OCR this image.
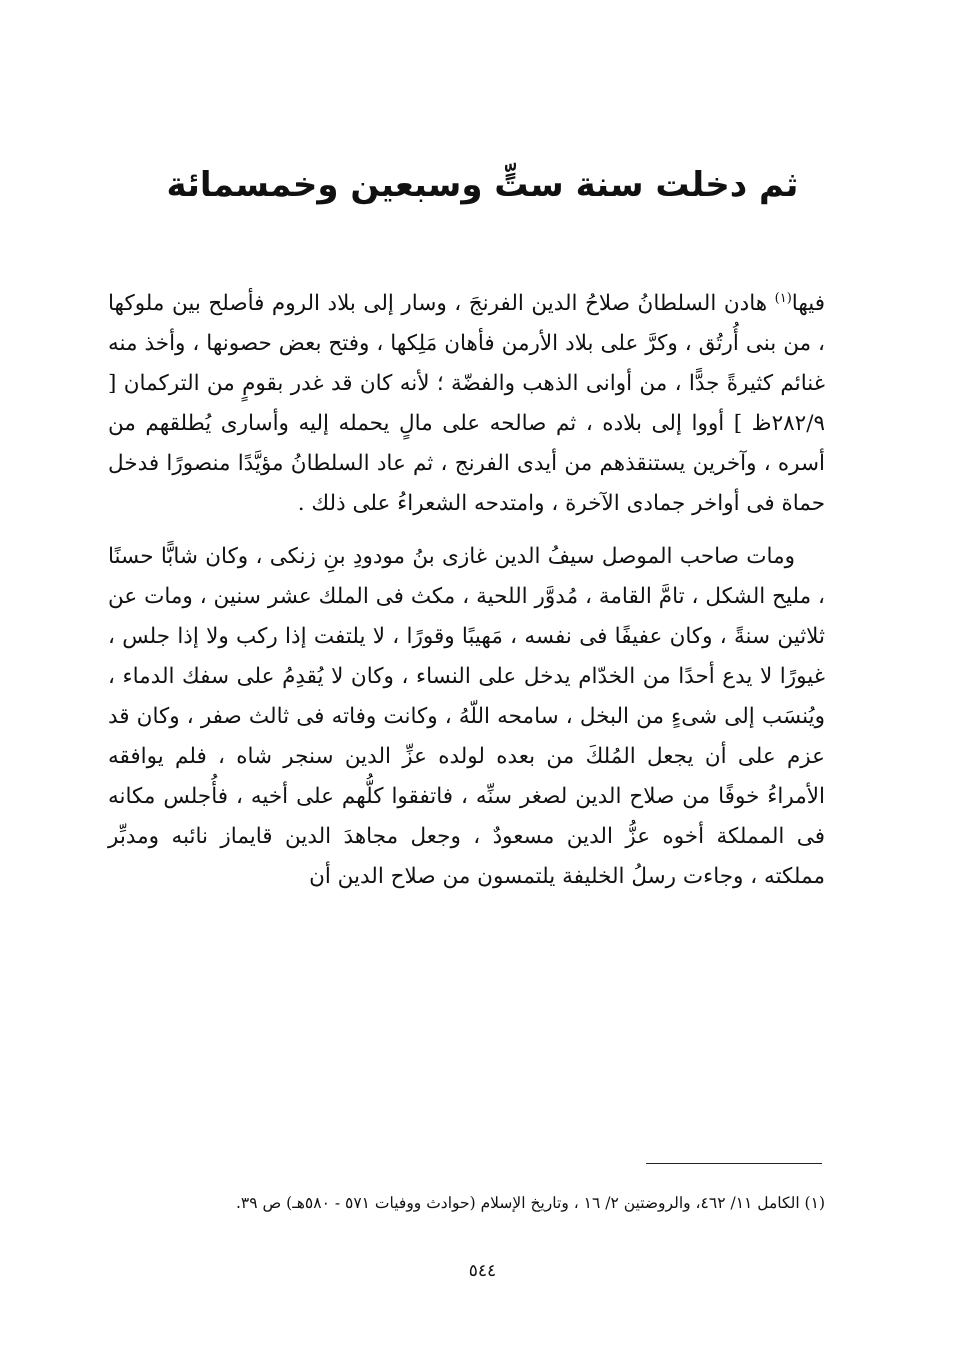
ثم دخلت سنة ستٍّ وسبعين وخمسمائة

فيها$^{(١)}$ هادن السلطانُ صلاحُ الدين الفرنجَ ، وسار إلى بلاد الروم فأصلح بين ملوكها ، من بنى أُرتُق ، وكرَّ على بلاد الأرمن فأهان مَلِكها ، وفتح بعض حصونها ، وأخذ منه غنائم كثيرةً جدًّا ، من أوانى الذهب والفضّة ؛ لأنه كان قد غدر بقومٍ من التركمان [ ٢٨٢/٩ظ ] أووا إلى بلاده ، ثم صالحه على مالٍ يحمله إليه وأسارى يُطلقهم من أسره ، وآخرين يستنقذهم من أيدى الفرنج ، ثم عاد السلطانُ مؤيَّدًا منصورًا فدخل حماة فى أواخر جمادى الآخرة ، وامتدحه الشعراءُ على ذلك .

ومات صاحب الموصل سيفُ الدين غازى بنُ مودودِ بنِ زنكى ، وكان شابًّا حسنًا ، مليح الشكل ، تامَّ القامة ، مُدوَّر اللحية ، مكث فى الملك عشر سنين ، ومات عن ثلاثين سنةً ، وكان عفيفًا فى نفسه ، مَهيبًا وقورًا ، لا يلتفت إذا ركب ولا إذا جلس ، غيورًا لا يدع أحدًا من الخدّام يدخل على النساء ، وكان لا يُقدِمُ على سفك الدماء ، ويُنسَب إلى شىءٍ من البخل ، سامحه اللّهُ ، وكانت وفاته فى ثالث صفر ، وكان قد عزم على أن يجعل المُلكَ من بعده لولده عزِّ الدين سنجر شاه ، فلم يوافقه الأمراءُ خوفًا من صلاح الدين لصغر سنِّه ، فاتفقوا كلُّهم على أخيه ، فأُجلس مكانه فى المملكة أخوه عزُّ الدين مسعودٌ ، وجعل مجاهدَ الدين قايماز نائبه ومدبِّر مملكته ، وجاءت رسلُ الخليفة يلتمسون من صلاح الدين أن

(١) الكامل ١١/ ٤٦٢، والروضتين ٢/ ١٦ ، وتاريخ الإسلام (حوادث ووفيات ٥٧١ - ٥٨٠هـ) ص ٣٩.

٥٤٤
